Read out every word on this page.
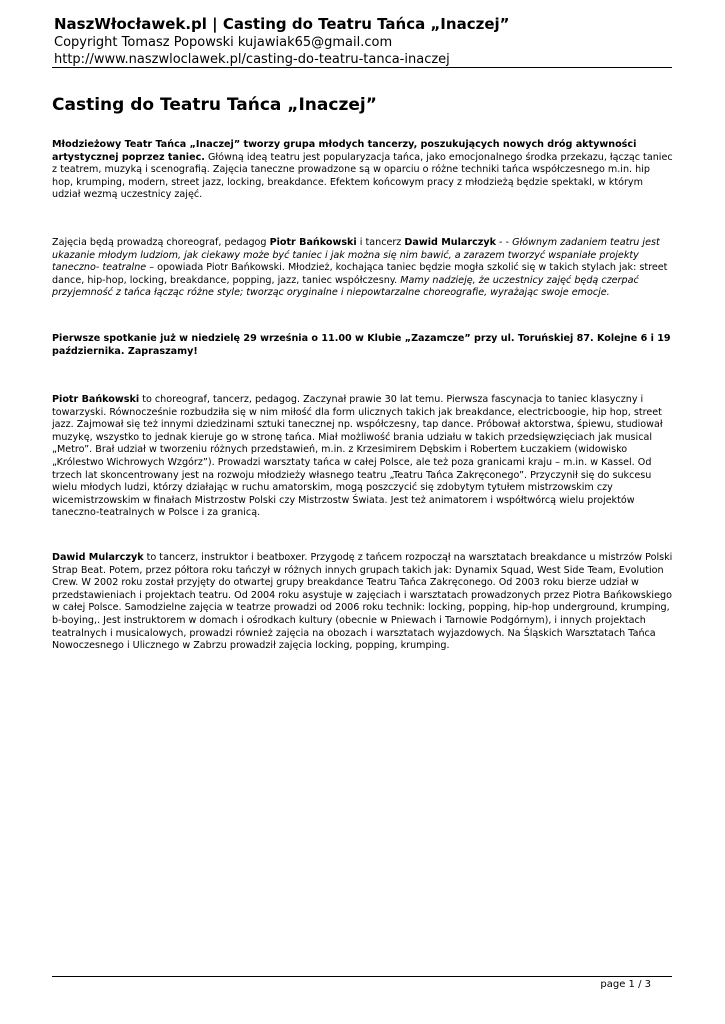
NaszWłocławek.pl | Casting do Teatru Tańca „Inaczej”
Copyright Tomasz Popowski kujawiak65@gmail.com
http://www.naszwloclawek.pl/casting-do-teatru-tanca-inaczej
Casting do Teatru Tańca „Inaczej”
Młodzieżowy Teatr Tańca „Inaczej” tworzy grupa młodych tancerzy, poszukujących nowych dróg aktywności artystycznej poprzez taniec. Główną ideą teatru jest popularyzacja tańca, jako emocjonalnego środka przekazu, łącząc taniec z teatrem, muzyką i scenografią. Zajęcia taneczne prowadzone są w oparciu o różne techniki tańca współczesnego m.in. hip hop, krumping, modern, street jazz, locking, breakdance. Efektem końcowym pracy z młodzieżą będzie spektakl, w którym udział wezmą uczestnicy zajęć.
Zajęcia będą prowadzą choreograf, pedagog Piotr Bańkowski i tancerz Dawid Mularczyk - - Głównym zadaniem teatru jest ukazanie młodym ludziom, jak ciekawy może być taniec i jak można się nim bawić, a zarazem tworzyć wspaniałe projekty taneczno- teatralne – opowiada Piotr Bańkowski. Młodzież, kochająca taniec będzie mogła szkolić się w takich stylach jak: street dance, hip-hop, locking, breakdance, popping, jazz, taniec współczesny. Mamy nadzieję, że uczestnicy zajęć będą czerpać przyjemność z tańca łącząc różne style; tworząc oryginalne i niepowtarzalne choreografie, wyrażając swoje emocje.
Pierwsze spotkanie już w niedzielę 29 września o 11.00 w Klubie „Zazamcze” przy ul. Toruńskiej 87. Kolejne 6 i 19 października. Zapraszamy!
Piotr Bańkowski to choreograf, tancerz, pedagog. Zaczynał prawie 30 lat temu. Pierwsza fascynacja to taniec klasyczny i towarzyski. Równocześnie rozbudziła się w nim miłość dla form ulicznych takich jak breakdance, electricboogie, hip hop, street jazz. Zajmował się też innymi dziedzinami sztuki tanecznej np. współczesny, tap dance. Próbował aktorstwa, śpiewu, studiował muzykę, wszystko to jednak kieruje go w stronę tańca. Miał możliwość brania udziału w takich przedsięwzięciach jak musical „Metro”. Brał udział w tworzeniu różnych przedstawień, m.in. z Krzesimirem Dębskim i Robertem Łuczakiem (widowisko „Królestwo Wichrowych Wzgórz”). Prowadzi warsztaty tańca w całej Polsce, ale też poza granicami kraju – m.in. w Kassel. Od trzech lat skoncentrowany jest na rozwoju młodzieży własnego teatru „Teatru Tańca Zakręconego”. Przyczynił się do sukcesu wielu młodych ludzi, którzy działając w ruchu amatorskim, mogą poszczycić się zdobytym tytułem mistrzowskim czy wicemistrzowskim w finałach Mistrzostw Polski czy Mistrzostw Świata. Jest też animatorem i współtwórcą wielu projektów taneczno-teatralnych w Polsce i za granicą.
Dawid Mularczyk to tancerz, instruktor i beatboxer. Przygodę z tańcem rozpoczął na warsztatach breakdance u mistrzów Polski Strap Beat. Potem, przez półtora roku tańczył w różnych innych grupach takich jak: Dynamix Squad, West Side Team, Evolution Crew. W 2002 roku został przyjęty do otwartej grupy breakdance Teatru Tańca Zakręconego. Od 2003 roku bierze udział w przedstawieniach i projektach teatru. Od 2004 roku asystuje w zajęciach i warsztatach prowadzonych przez Piotra Bańkowskiego w całej Polsce. Samodzielne zajęcia w teatrze prowadzi od 2006 roku technik: locking, popping, hip-hop underground, krumping, b-boying,. Jest instruktorem w domach i ośrodkach kultury (obecnie w Pniewach i Tarnowie Podgórnym), i innych projektach teatralnych i musicalowych, prowadzi również zajęcia na obozach i warsztatach wyjazdowych. Na Śląskich Warsztatach Tańca Nowoczesnego i Ulicznego w Zabrzu prowadził zajęcia locking, popping, krumping.
page 1 / 3
